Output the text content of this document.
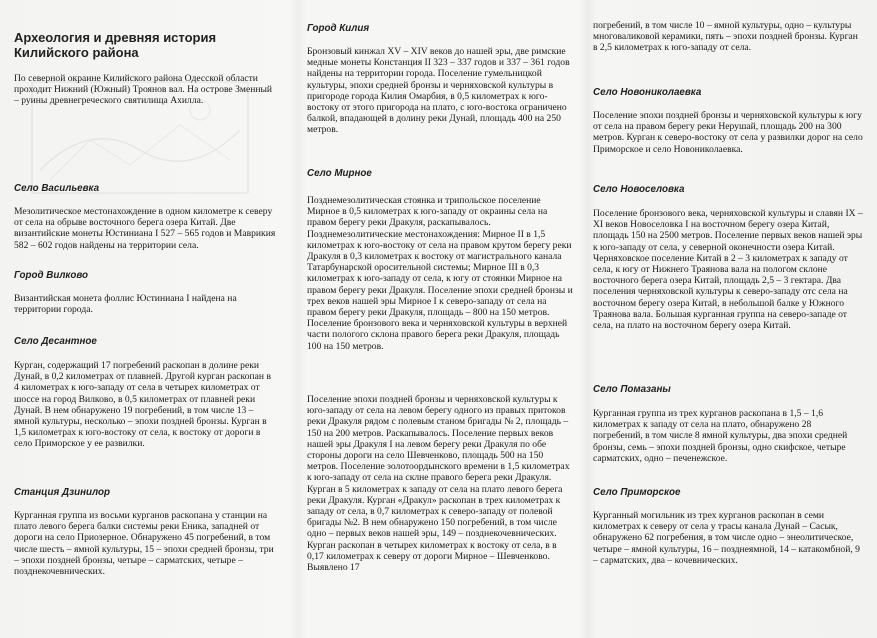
Археология и древняя история Килийского района

По северной окраине Килийского района Одесской области проходит Нижний (Южный) Троянов вал. На острове Зменный – руины древнегреческого святилища Ахилла.

Село Васильевка

Мезолитическое местонахождение в одном километре к северу от села на обрыве восточного берега озера Китай. Две византийские монеты Юстиниана I 527 – 565 годов и Маврикия 582 – 602 годов найдены на территории села.

Город Вилково

Византийская монета фоллис Юстиниана I найдена на территории города.

Село Десантное

Курган, содержащий 17 погребений раскопан в долине реки Дунай, в 0,2 километрах от плавней. Другой курган раскопан в 4 километрах к юго-западу от села в четырех километрах от шоссе на город Вилково, в 0,5 километрах от плавней реки Дунай. В нем обнаружено 19 погребений, в том числе 13 – ямной культуры, несколько – эпохи поздней бронзы. Курган в 1,5 километрах к юго-востоку от села, к востоку от дороги в село Приморское у ее развилки.

Станция Дзинилор

Курганная группа из восьми курганов раскопана у станции на плато левого берега балки системы реки Еника, западней от дороги на село Приозерное. Обнаружено 45 погребений, в том числе шесть – ямной культуры, 15 – эпохи средней бронзы, три – эпохи поздней бронзы, четыре – сарматских, четыре – позднекочевнических.

Город Килия

Бронзовый кинжал XV – XIV веков до нашей эры, две римские медные монеты Констанция II 323 – 337 годов и 337 – 361 годов найдены на территории города. Поселение гумельницкой культуры, эпохи средней бронзы и черняховской культуры в пригороде города Килия Омарбия, в 0,5 километрах к юго-востоку от этого пригорода на плато, с юго-востока ограничено балкой, впадающей в долину реки Дунай, площадь 400 на 250 метров.

Село Мирное

Позднемезолитическая стоянка и трипольское поселение Мирное в 0,5 километрах к юго-западу от окраины села на правом берегу реки Дракуля, раскапывалось. Позднемезолитические местонахождения: Мирное II в 1,5 километрах к юго-востоку от села на правом крутом берегу реки Дракуля в 0,3 километрах к востоку от магистрального канала Татарбунарской оросительной системы; Мирное III в 0,3 километрах к юго-западу от села, к югу от стоянки Мирное на правом берегу реки Дракуля. Поселение эпохи средней бронзы и трех веков нашей эры Мирное I к северо-западу от села на правом берегу реки Дракуля, площадь – 800 на 150 метров. Поселение бронзового века и черняховской культуры в верхней части пологого склона правого берега реки Дракуля, площадь 100 на 150 метров.

Поселение эпохи поздней бронзы и черняховской культуры к юго-западу от села на левом берегу одного из правых притоков реки Дракуля рядом с полевым станом бригады № 2, площадь – 150 на 200 метров. Раскапывалось. Поселение первых веков нашей эры Дракуля I на левом берегу реки Дракуля по обе стороны дороги на село Шевченково, площадь 500 на 150 метров. Поселение золотоордынского времени в 1,5 километрах к юго-западу от села на склне правого берега реки Дракуля. Курган в 5 километрах к западу от села на плато левого берега реки Дракуля. Курган «Дракул» раскопан в трех километрах к западу от села, в 0,7 километрах к северо-западу от полевой бригады №2. В нем обнаружено 150 погребений, в том числе одно – первых веков нашей эры, 149 – позднекочевнических. Курган раскопан в четырех километрах к востоку от села, в в 0,17 километрах к северу от дороги Мирное – Шевченково. Выявлено 17

погребений, в том числе 10 – ямной культуры, одно – культуры многоваликовой керамики, пять – эпохи поздней бронзы. Курган в 2,5 километрах к юго-западу от села.

Село Новониколаевка

Поселение эпохи поздней бронзы и черняховской культуры к югу от села на правом берегу реки Нерушай, площадь 200 на 300 метров. Курган к северо-востоку от села у развилки дорог на село Приморское и село Новониколаевка.

Село Новоселовка

Поселение бронзового века, черняховской культуры и славян IX – XI веков Новоселовка I на восточном берегу озера Китай, площадь 150 на 2500 метров. Поселение первых веков нашей эры к юго-западу от села, у северной оконечности озера Китай. Черняховское поселение Китай в 2 – 3 километрах к западу от села, к югу от Нижнего Траянова вала на пологом склоне восточного берега озера Китай, площадь 2,5 – 3 гектара. Два поселения черняховской культуры к северо-западу отс села на восточном берегу озера Китай, в небольшой балке у Южного Траянова вала. Большая курганная группа на северо-западе от села, на плато на восточном берегу озера Китай.

Село Помазаны

Курганная группа из трех курганов раскопана в 1,5 – 1,6 километрах к западу от села на плато, обнаружено 28 погребений, в том числе 8 ямной культуры, два эпохи средней бронзы, семь – эпохи поздней бронзы, одно скифское, четыре сарматских, одно – печенежское.

Село Приморское

Курганный могильник из трех курганов раскопан в семи километрах к северу от села у трасы канала Дунай – Сасык, обнаружено 62 погребения, в том числе одно – энеолитическое, четыре – ямной культуры, 16 – позднеямной, 14 – катакомбной, 9 – сарматских, два – кочевнических.
